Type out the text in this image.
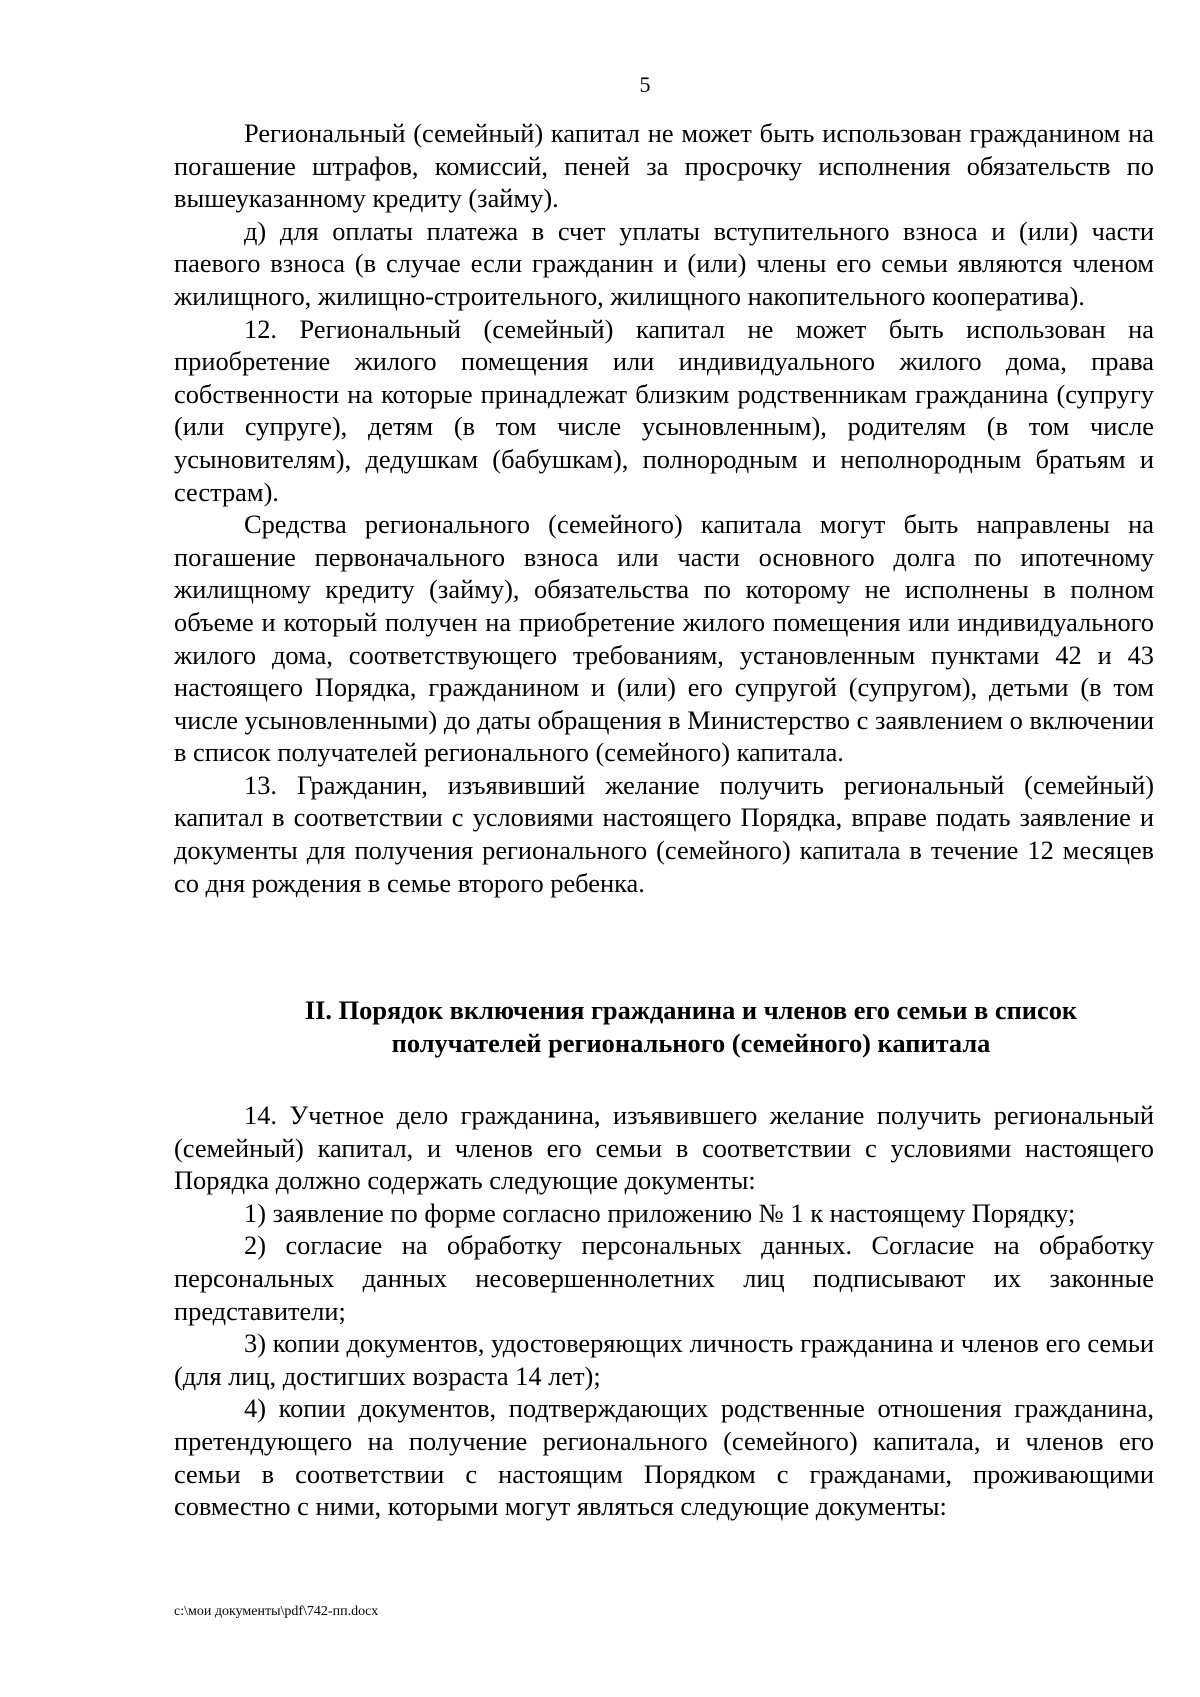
5

Региональный (семейный) капитал не может быть использован гражданином на погашение штрафов, комиссий, пеней за просрочку исполнения обязательств по вышеуказанному кредиту (займу).

д) для оплаты платежа в счет уплаты вступительного взноса и (или) части паевого взноса (в случае если гражданин и (или) члены его семьи являются членом жилищного, жилищно-строительного, жилищного накопительного кооператива).

12. Региональный (семейный) капитал не может быть использован на приобретение жилого помещения или индивидуального жилого дома, права собственности на которые принадлежат близким родственникам гражданина (супругу (или супруге), детям (в том числе усыновленным), родителям (в том числе усыновителям), дедушкам (бабушкам), полнородным и неполнородным братьям и сестрам).

Средства регионального (семейного) капитала могут быть направлены на погашение первоначального взноса или части основного долга по ипотечному жилищному кредиту (займу), обязательства по которому не исполнены в полном объеме и который получен на приобретение жилого помещения или индивидуального жилого дома, соответствующего требованиям, установленным пунктами 42 и 43 настоящего Порядка, гражданином и (или) его супругой (супругом), детьми (в том числе усыновленными) до даты обращения в Министерство с заявлением о включении в список получателей регионального (семейного) капитала.

13. Гражданин, изъявивший желание получить региональный (семейный) капитал в соответствии с условиями настоящего Порядка, вправе подать заявление и документы для получения регионального (семейного) капитала в течение 12 месяцев со дня рождения в семье второго ребенка.

II. Порядок включения гражданина и членов его семьи в список
получателей регионального (семейного) капитала

14. Учетное дело гражданина, изъявившего желание получить региональный (семейный) капитал, и членов его семьи в соответствии с условиями настоящего Порядка должно содержать следующие документы:

1) заявление по форме согласно приложению № 1 к настоящему Порядку;

2) согласие на обработку персональных данных. Согласие на обработку персональных данных несовершеннолетних лиц подписывают их законные представители;

3) копии документов, удостоверяющих личность гражданина и членов его семьи (для лиц, достигших возраста 14 лет);

4) копии документов, подтверждающих родственные отношения гражданина, претендующего на получение регионального (семейного) капитала, и членов его семьи в соответствии с настоящим Порядком с гражданами, проживающими совместно с ними, которыми могут являться следующие документы:

c:\мои документы\pdf\742-пп.docx
